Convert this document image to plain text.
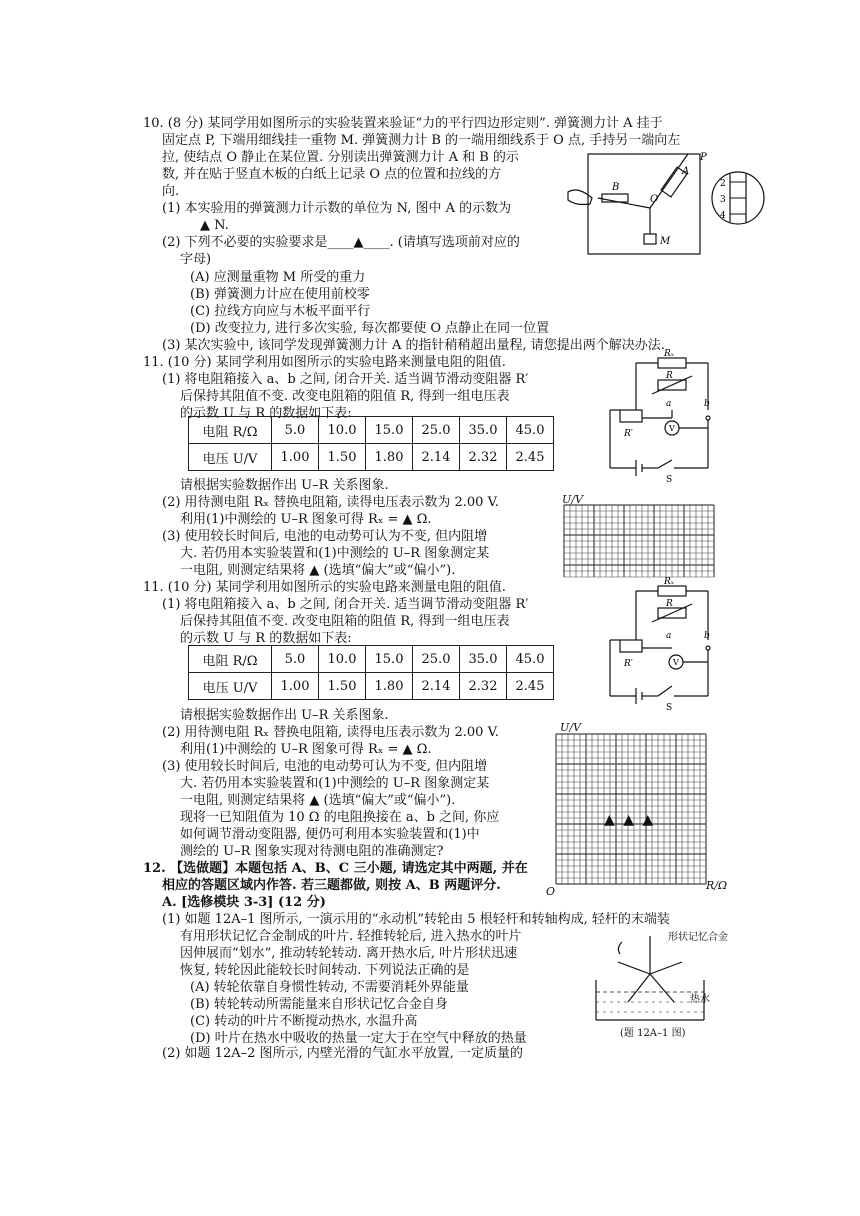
10. (8 分) 某同学用如图所示的实验装置来验证“力的平行四边形定则”. 弹簧测力计 A 挂于
固定点 P, 下端用细线挂一重物 M. 弹簧测力计 B 的一端用细线系于 O 点, 手持另一端向左
拉, 使结点 O 静止在某位置. 分别读出弹簧测力计 A 和 B 的示
数, 并在贴于竖直木板的白纸上记录 O 点的位置和拉线的方
向.
(1) 本实验用的弹簧测力计示数的单位为 N, 图中 A 的示数为
▲ N.
(2) 下列不必要的实验要求是____▲____. (请填写选项前对应的
字母)
(A) 应测量重物 M 所受的重力
(B) 弹簧测力计应在使用前校零
(C) 拉线方向应与木板平面平行
(D) 改变拉力, 进行多次实验, 每次都要使 O 点静止在同一位置
(3) 某次实验中, 该同学发现弹簧测力计 A 的指针稍稍超出量程, 请您提出两个解决办法.
P
A
B
O
M
2
3
4
11. (10 分) 某同学利用如图所示的实验电路来测量电阻的阻值.
(1) 将电阻箱接入 a、b 之间, 闭合开关. 适当调节滑动变阻器 R′
后保持其阻值不变. 改变电阻箱的阻值 R, 得到一组电压表
的示数 U 与 R 的数据如下表:
电阻 R/Ω	5.0	10.0	15.0	25.0	35.0	45.0
电压 U/V	1.00	1.50	1.80	2.14	2.32	2.45
请根据实验数据作出 U–R 关系图象.
(2) 用待测电阻 Rₓ 替换电阻箱, 读得电压表示数为 2.00 V.
利用(1)中测绘的 U–R 图象可得 Rₓ = ▲ Ω.
(3) 使用较长时间后, 电池的电动势可认为不变, 但内阻增
大. 若仍用本实验装置和(1)中测绘的 U–R 图象测定某
一电阻, 则测定结果将 ▲ (选填“偏大”或“偏小”).
Rₓ
R
a	b
R′
V
S
U/V
11. (10 分) 某同学利用如图所示的实验电路来测量电阻的阻值.
(1) 将电阻箱接入 a、b 之间, 闭合开关. 适当调节滑动变阻器 R′
后保持其阻值不变. 改变电阻箱的阻值 R, 得到一组电压表
的示数 U 与 R 的数据如下表:
电阻 R/Ω	5.0	10.0	15.0	25.0	35.0	45.0
电压 U/V	1.00	1.50	1.80	2.14	2.32	2.45
请根据实验数据作出 U–R 关系图象.
(2) 用待测电阻 Rₓ 替换电阻箱, 读得电压表示数为 2.00 V.
利用(1)中测绘的 U–R 图象可得 Rₓ = ▲ Ω.
(3) 使用较长时间后, 电池的电动势可认为不变, 但内阻增
大. 若仍用本实验装置和(1)中测绘的 U–R 图象测定某
一电阻, 则测定结果将 ▲ (选填“偏大”或“偏小”).
现将一已知阻值为 10 Ω 的电阻换接在 a、b 之间, 你应
如何调节滑动变阻器, 便仍可利用本实验装置和(1)中
测绘的 U–R 图象实现对待测电阻的准确测定?
Rₓ
R
a	b
R′	V
S
U/V
▲ ▲ ▲
O	R/Ω
12. 【选做题】本题包括 A、B、C 三小题, 请选定其中两题, 并在
相应的答题区域内作答. 若三题都做, 则按 A、B 两题评分.
A. [选修模块 3-3] (12 分)
(1) 如题 12A–1 图所示, 一演示用的“永动机”转轮由 5 根轻杆和转轴构成, 轻杆的末端装
有用形状记忆合金制成的叶片. 轻推转轮后, 进入热水的叶片
因伸展而“划水”, 推动转轮转动. 离开热水后, 叶片形状迅速
恢复, 转轮因此能较长时间转动. 下列说法正确的是
(A) 转轮依靠自身惯性转动, 不需要消耗外界能量
(B) 转轮转动所需能量来自形状记忆合金自身
(C) 转动的叶片不断搅动热水, 水温升高
(D) 叶片在热水中吸收的热量一定大于在空气中释放的热量
(2) 如题 12A–2 图所示, 内壁光滑的气缸水平放置, 一定质量的
形状记忆合金
热水
(题 12A–1 图)
